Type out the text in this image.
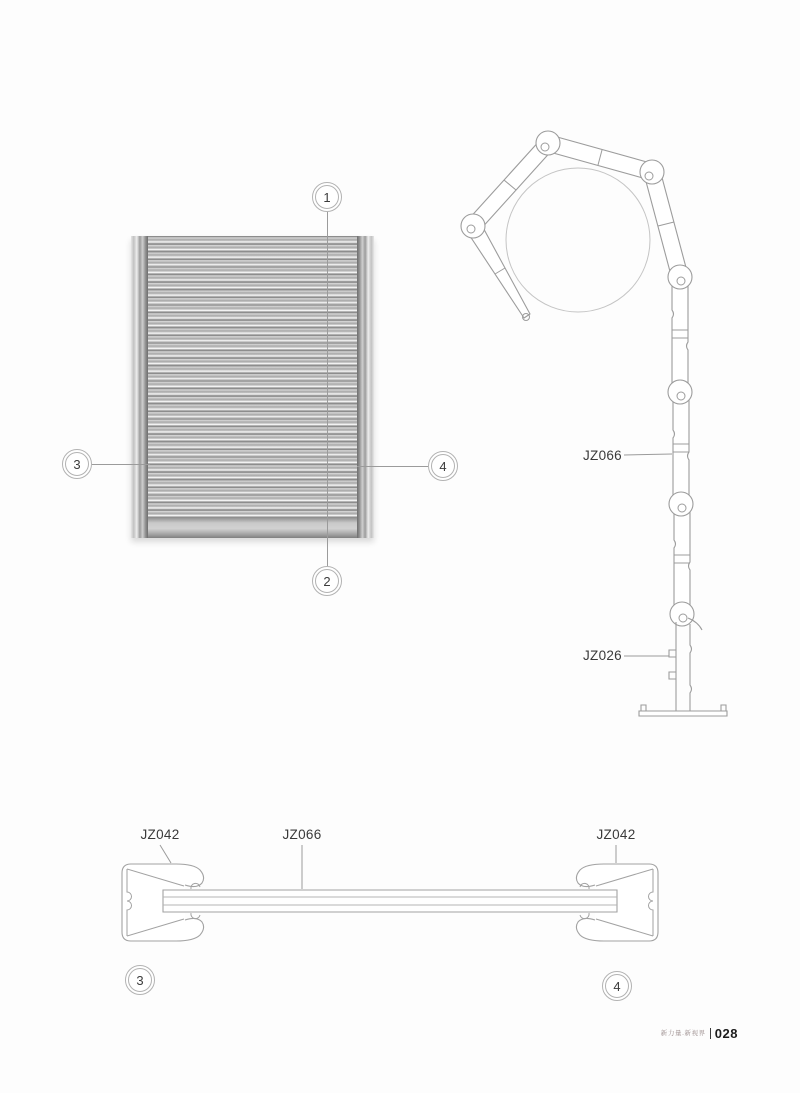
1
2
3	4
JZ066
JZ026
JZ042	JZ066	JZ042
3	4
新力量.新视界 028
